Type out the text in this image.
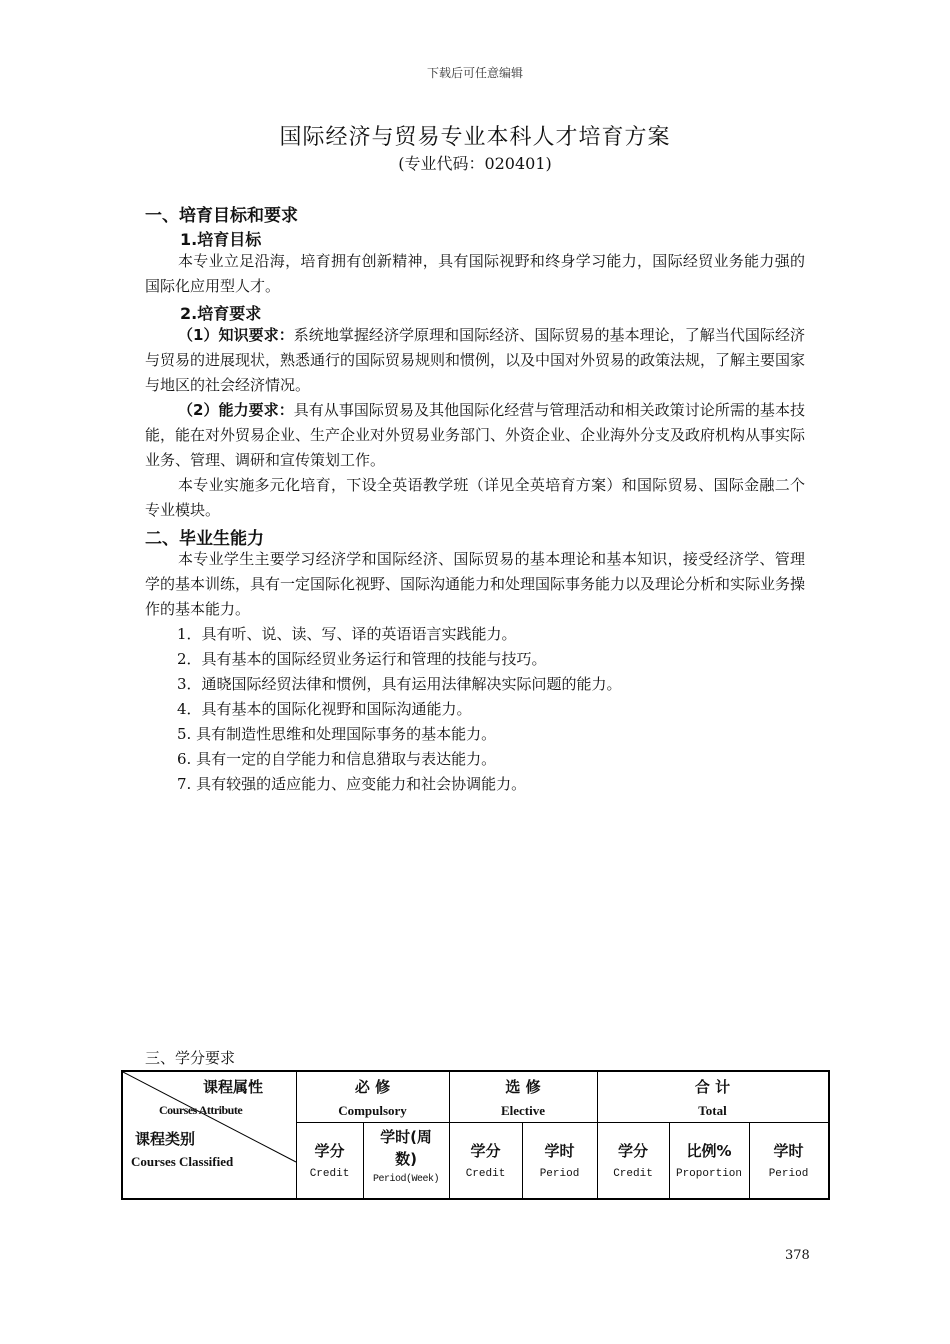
下载后可任意编辑
国际经济与贸易专业本科人才培育方案
(专业代码：020401)
一、培育目标和要求
1.培育目标
本专业立足沿海，培育拥有创新精神，具有国际视野和终身学习能力，国际经贸业务能力强的国际化应用型人才。
2.培育要求
（1）知识要求：系统地掌握经济学原理和国际经济、国际贸易的基本理论，了解当代国际经济与贸易的进展现状，熟悉通行的国际贸易规则和惯例，以及中国对外贸易的政策法规，了解主要国家与地区的社会经济情况。
（2）能力要求：具有从事国际贸易及其他国际化经营与管理活动和相关政策讨论所需的基本技能，能在对外贸易企业、生产企业对外贸易业务部门、外资企业、企业海外分支及政府机构从事实际业务、管理、调研和宣传策划工作。
本专业实施多元化培育，下设全英语教学班（详见全英培育方案）和国际贸易、国际金融二个专业模块。
二、毕业生能力
本专业学生主要学习经济学和国际经济、国际贸易的基本理论和基本知识，接受经济学、管理学的基本训练，具有一定国际化视野、国际沟通能力和处理国际事务能力以及理论分析和实际业务操作的基本能力。
1．具有听、说、读、写、译的英语语言实践能力。
2．具有基本的国际经贸业务运行和管理的技能与技巧。
3．通晓国际经贸法律和惯例，具有运用法律解决实际问题的能力。
4．具有基本的国际化视野和国际沟通能力。
5. 具有制造性思维和处理国际事务的基本能力。
6. 具有一定的自学能力和信息猎取与表达能力。
7. 具有较强的适应能力、应变能力和社会协调能力。
三、学分要求
课程属性
Courses Attribute
课程类别
Courses Classified
必 修
Compulsory
选 修
Elective
合 计
Total
学分
Credit
学时(周数)
Period(Week)
学分
Credit
学时
Period
学分
Credit
比例%
Proportion
学时
Period
378
